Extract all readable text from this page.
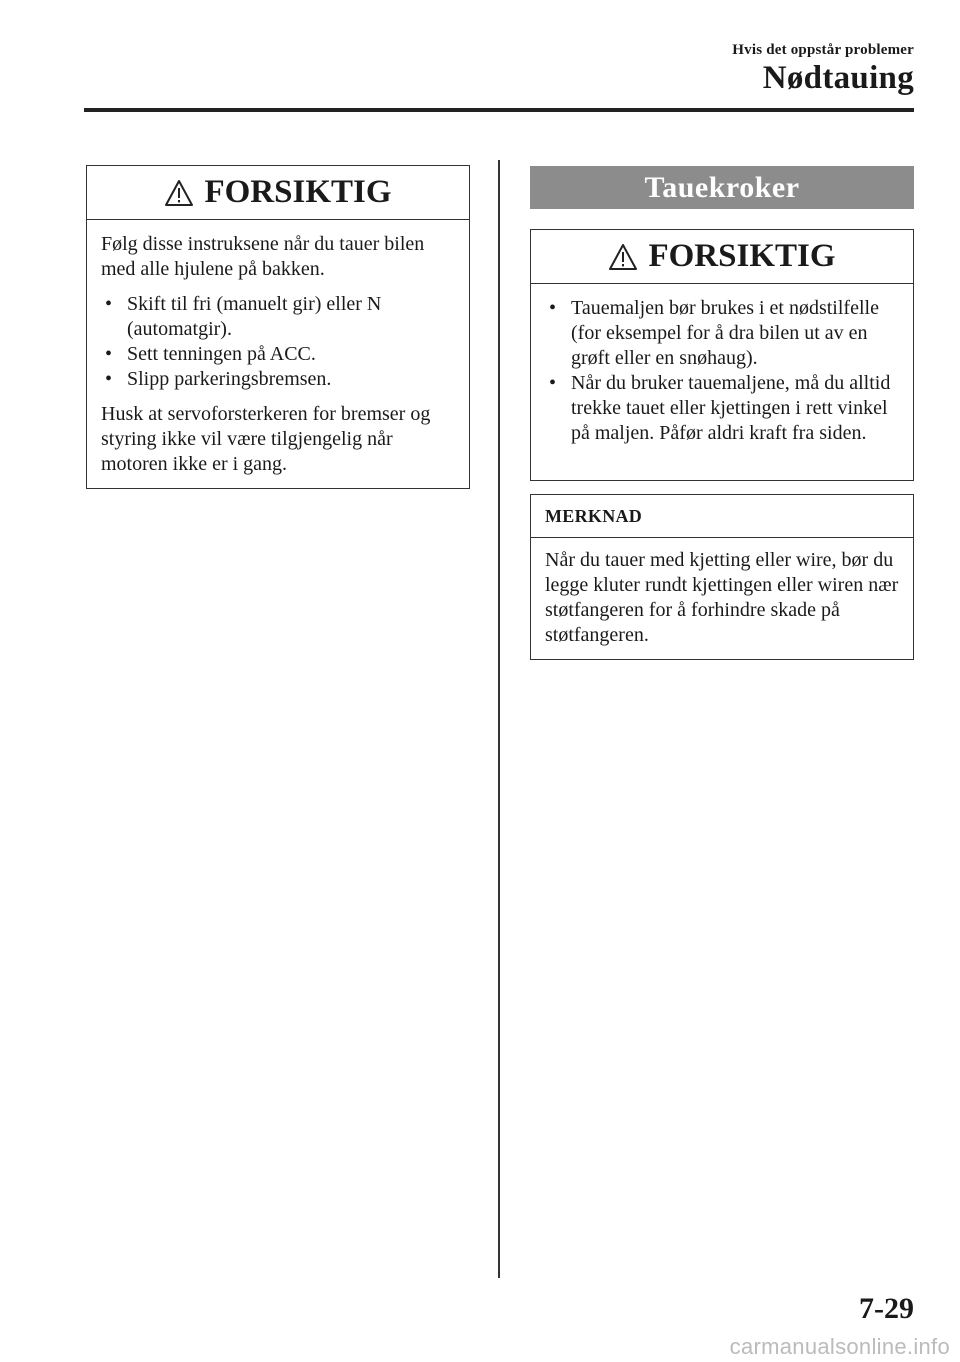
Hvis det oppstår problemer
Nødtauing
FORSIKTIG

Følg disse instruksene når du tauer bilen med alle hjulene på bakken.

• Skift til fri (manuelt gir) eller N (automatgir).
• Sett tenningen på ACC.
• Slipp parkeringsbremsen.

Husk at servoforsterkeren for bremser og styring ikke vil være tilgjengelig når motoren ikke er i gang.

Tauekroker
FORSIKTIG
• Tauemaljen bør brukes i et nødstilfelle (for eksempel for å dra bilen ut av en grøft eller en snøhaug).
• Når du bruker tauemaljene, må du alltid trekke tauet eller kjettingen i rett vinkel på maljen. Påfør aldri kraft fra siden.
MERKNAD

Når du tauer med kjetting eller wire, bør du legge kluter rundt kjettingen eller wiren nær støtfangeren for å forhindre skade på støtfangeren.

7-29
carmanualsonline.info
